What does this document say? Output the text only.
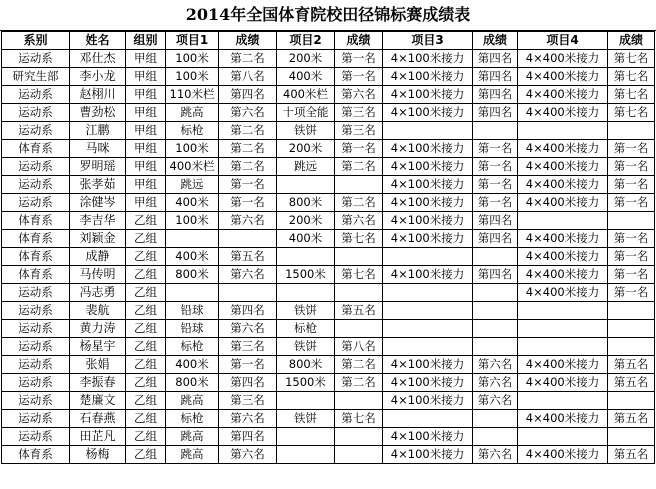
2014年全国体育院校田径锦标赛成绩表
系别	姓名	组别	项目1	成绩	项目2	成绩	项目3	成绩	项目4	成绩
运动系	邓仕杰	甲组	100米	第二名	200米	第一名	4×100米接力	第四名	4×400米接力	第七名
研究生部	李小龙	甲组	100米	第八名	400米	第一名	4×100米接力	第四名	4×400米接力	第七名
运动系	赵栩川	甲组	110米栏	第四名	400米栏	第六名	4×100米接力	第四名	4×400米接力	第七名
运动系	曹劲松	甲组	跳高	第六名	十项全能	第三名	4×100米接力	第四名	4×400米接力	第七名
运动系	江鹏	甲组	标枪	第二名	铁饼	第三名				
体育系	马咪	甲组	100米	第二名	200米	第一名	4×100米接力	第一名	4×400米接力	第一名
运动系	罗明瑶	甲组	400米栏	第二名	跳远	第二名	4×100米接力	第一名	4×400米接力	第一名
运动系	张孝茹	甲组	跳远	第一名			4×100米接力	第一名	4×400米接力	第一名
运动系	涂健岑	甲组	400米	第一名	800米	第二名	4×100米接力	第一名	4×400米接力	第一名
体育系	李吉华	乙组	100米	第六名	200米	第六名	4×100米接力	第四名		
体育系	刘颖金	乙组			400米	第七名	4×100米接力	第四名	4×400米接力	第一名
体育系	成静	乙组	400米	第五名					4×400米接力	第一名
体育系	马传明	乙组	800米	第六名	1500米	第七名	4×100米接力	第四名	4×400米接力	第一名
运动系	冯志勇	乙组							4×400米接力	第一名
运动系	裴航	乙组	铅球	第四名	铁饼	第五名				
运动系	黄力涛	乙组	铅球	第六名	标枪					
运动系	杨星宇	乙组	标枪	第三名	铁饼	第八名				
运动系	张娟	乙组	400米	第一名	800米	第二名	4×100米接力	第六名	4×400米接力	第五名
运动系	李振春	乙组	800米	第四名	1500米	第二名	4×100米接力	第六名	4×400米接力	第五名
运动系	楚廉文	乙组	跳高	第三名			4×100米接力	第六名		
运动系	石春燕	乙组	标枪	第六名	铁饼	第七名			4×400米接力	第五名
运动系	田芷凡	乙组	跳高	第四名			4×100米接力			
体育系	杨梅	乙组	跳高	第六名			4×100米接力	第六名	4×400米接力	第五名
